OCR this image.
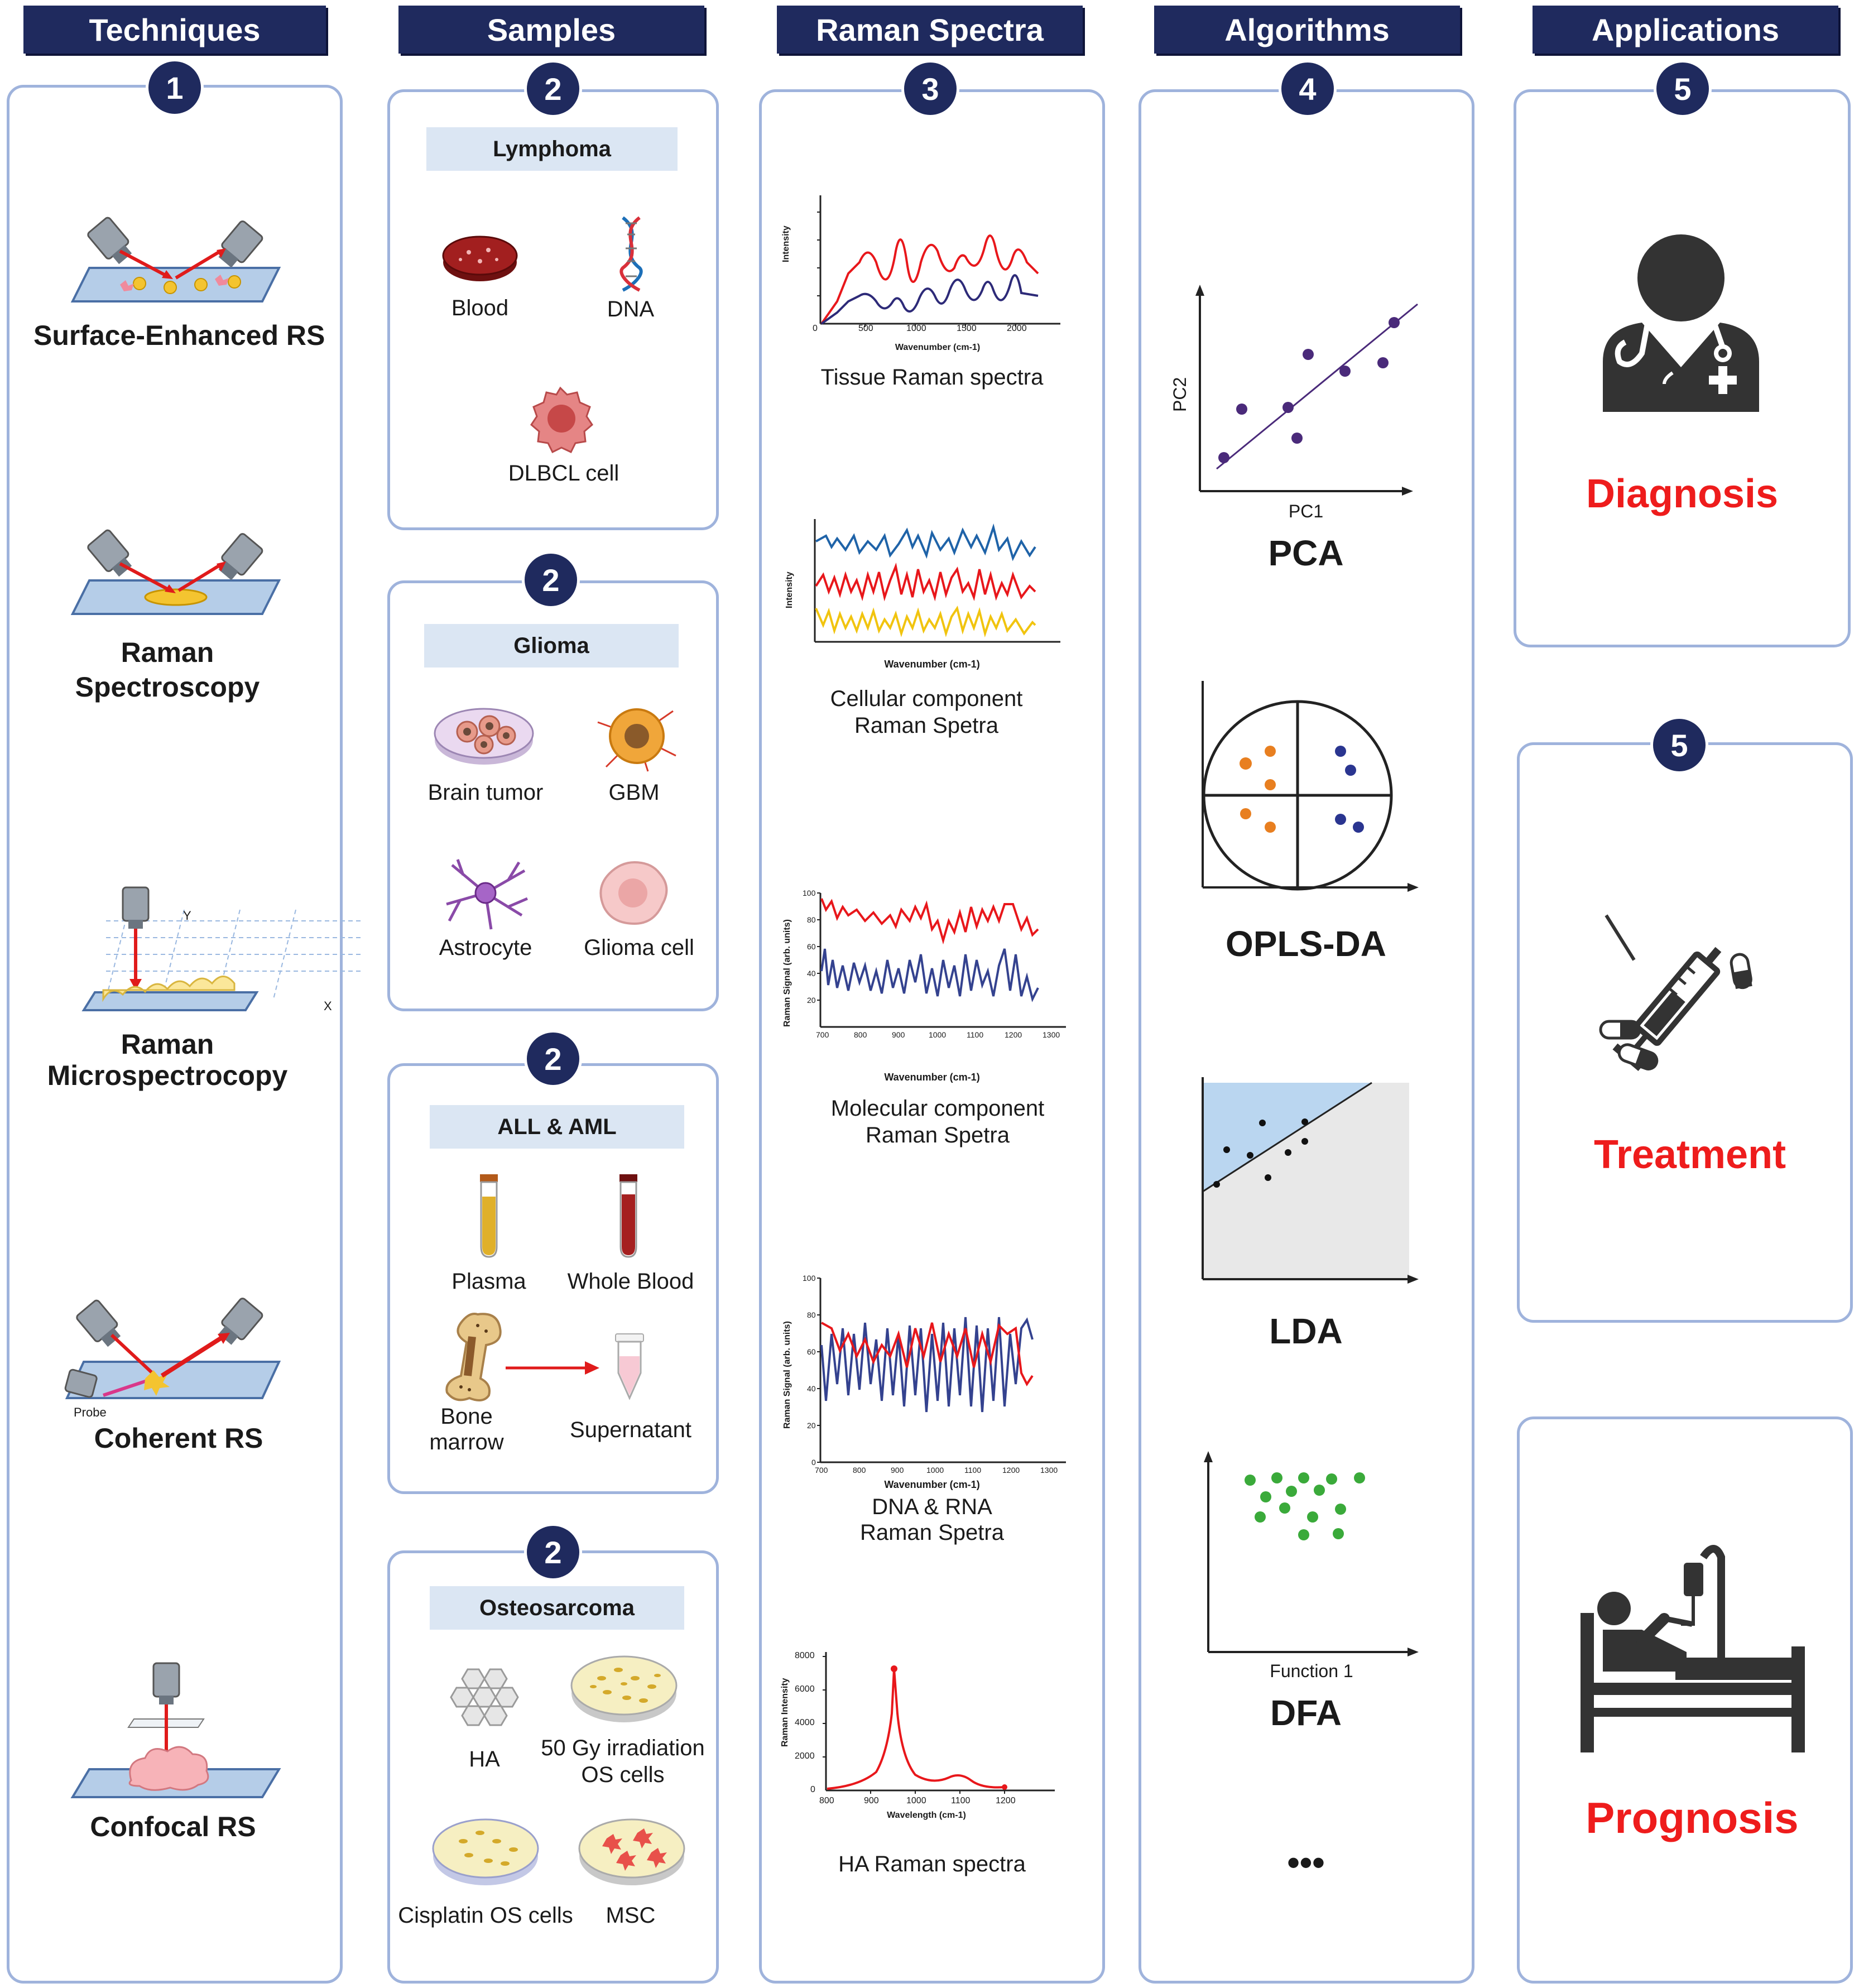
Techniques	Samples	Raman Spectra	Algorithms	Applications
1	2
2
2
2
3	4	5
5
Surface-Enhanced RS
Raman
Spectroscopy
Y
X
Raman
Microspectrocopy
Probe
Coherent RS
Confocal RS
Lymphoma
Blood	DNA
DLBCL cell
Glioma
Brain tumor	GBM
Astrocyte	Glioma cell
ALL & AML
Plasma	Whole Blood
Bone
marrow	Supernatant
Osteosarcoma
HA	50 Gy irradiation
OS cells
Cisplatin OS cells	MSC
Intensity
0	500	1000	1500	2000
Wavenumber (cm-1)
Tissue Raman spectra
Intensity
Wavenumber (cm-1)
Cellular component
Raman Spetra
100
80
60
40
20
Raman Signal (arb. units)
700	800	900	1000	1100	1200	1300
Wavenumber (cm-1)
Molecular component
Raman Spetra
100
80
60
40
20
0
Raman Signal (arb. units)
700	800	900	1000	1100	1200	1300
Wavenumber (cm-1)
DNA & RNA
Raman Spetra
8000
6000
4000
2000
0
Raman Intensity
800	900	1000	1100	1200
Wavelength (cm-1)
HA Raman spectra
PC2
PC1
PCA
OPLS-DA
LDA
Function 1
DFA
•••
Diagnosis
Treatment
Prognosis
